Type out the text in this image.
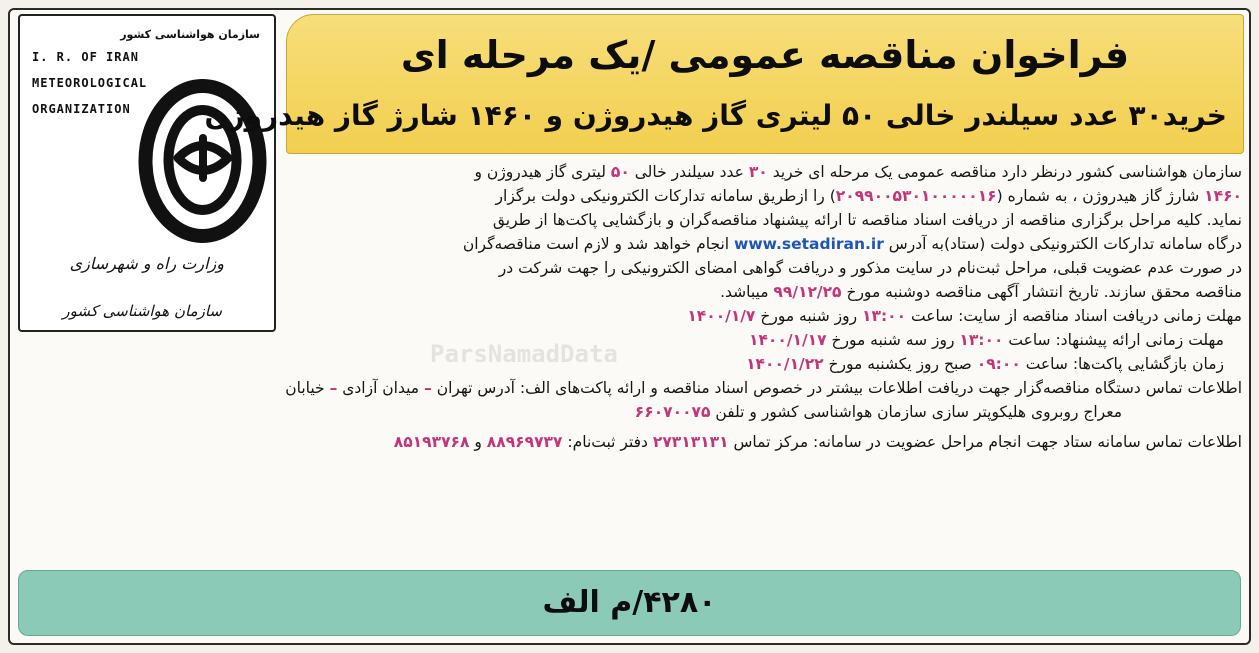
سازمان هواشناسی کشور
I. R. OF IRAN
METEOROLOGICAL
ORGANIZATION
وزارت راه و شهرسازی
سازمان هواشناسی کشور
فراخوان مناقصه عمومی /یک مرحله ای
خرید۳۰ عدد سیلندر خالی ۵۰ لیتری گاز هیدروژن و ۱۴۶۰ شارژ گاز هیدروژن
ParsNamadData
سازمان هواشناسی کشور درنظر دارد مناقصه عمومی یک مرحله ای خرید ۳۰ عدد سیلندر خالی ۵۰ لیتری گاز هیدروژن و
۱۴۶۰ شارژ گاز هیدروژن ، به شماره (۲۰۹۹۰۰۵۳۰۱۰۰۰۰۰۱۶) را ازطریق سامانه تدارکات الکترونیکی دولت برگزار
نماید. کلیه مراحل برگزاری مناقصه از دریافت اسناد مناقصه تا ارائه پیشنهاد مناقصه‌گران و بازگشایی پاکت‌ها از طریق
درگاه سامانه تدارکات الکترونیکی دولت (ستاد)به آدرس www.setadiran.ir انجام خواهد شد و لازم است مناقصه‌گران
در صورت عدم عضویت قبلی، مراحل ثبت‌نام در سایت مذکور و دریافت گواهی امضای الکترونیکی را جهت شرکت در
مناقصه محقق سازند. تاریخ انتشار آگهی مناقصه دوشنبه مورخ ۹۹/۱۲/۲۵ میباشد.
مهلت زمانی دریافت اسناد مناقصه از سایت: ساعت ۱۳:۰۰ روز شنبه مورخ ۱۴۰۰/۱/۷
مهلت زمانی ارائه پیشنهاد: ساعت ۱۳:۰۰ روز سه شنبه مورخ ۱۴۰۰/۱/۱۷
زمان بازگشایی پاکت‌ها: ساعت ۰۹:۰۰ صبح روز یکشنبه مورخ ۱۴۰۰/۱/۲۲
اطلاعات تماس دستگاه مناقصه‌گزار جهت دریافت اطلاعات بیشتر در خصوص اسناد مناقصه و ارائه پاکت‌های الف: آدرس تهران – میدان آزادی – خیابان
معراج روبروی هلیکوپتر سازی سازمان هواشناسی کشور و تلفن ۶۶۰۷۰۰۷۵
اطلاعات تماس سامانه ستاد جهت انجام مراحل عضویت در سامانه: مرکز تماس ۲۷۳۱۳۱۳۱ دفتر ثبت‌نام: ۸۸۹۶۹۷۳۷ و ۸۵۱۹۳۷۶۸
۴۲۸۰/م الف
